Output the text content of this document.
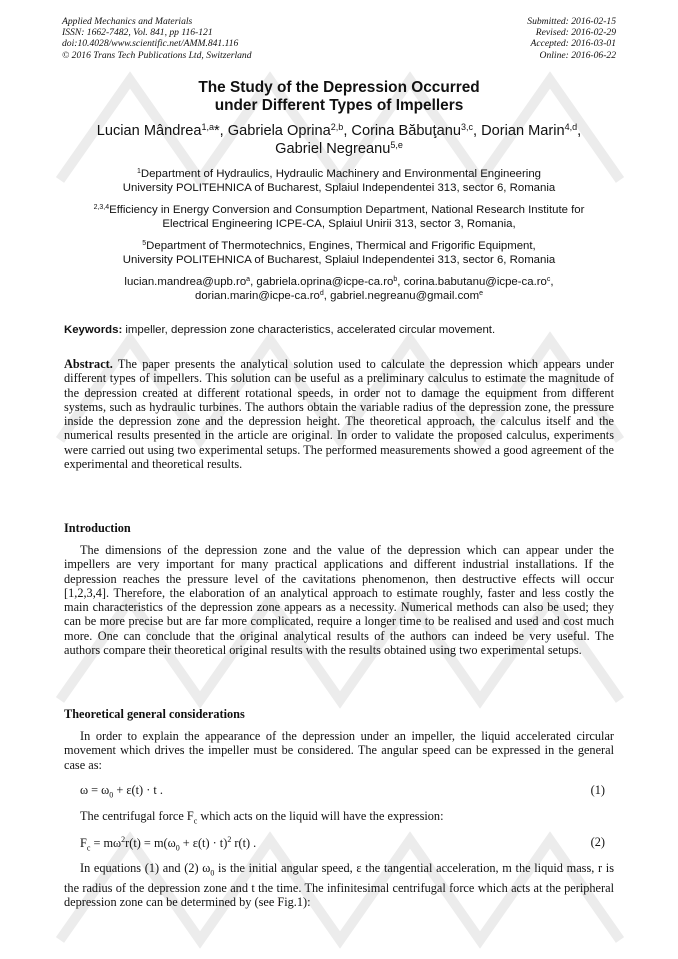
Applied Mechanics and Materials
ISSN: 1662-7482, Vol. 841, pp 116-121
doi:10.4028/www.scientific.net/AMM.841.116
© 2016 Trans Tech Publications Ltd, Switzerland
Submitted: 2016-02-15
Revised: 2016-02-29
Accepted: 2016-03-01
Online: 2016-06-22
The Study of the Depression Occurred
under Different Types of Impellers
Lucian Mândrea$^{1,a}$*, Gabriela Oprina$^{2,b}$, Corina Băbuţanu$^{3,c}$, Dorian Marin$^{4,d}$,
Gabriel Negreanu$^{5,e}$
$^1$Department of Hydraulics, Hydraulic Machinery and Environmental Engineering
University POLITEHNICA of Bucharest, Splaiul Independentei 313, sector 6, Romania
$^{2,3,4}$Efficiency in Energy Conversion and Consumption Department, National Research Institute for
Electrical Engineering ICPE-CA, Splaiul Unirii 313, sector 3, Romania,
$^5$Department of Thermotechnics, Engines, Thermical and Frigorific Equipment,
University POLITEHNICA of Bucharest, Splaiul Independentei 313, sector 6, Romania
$lucian.mandrea@upb.ro^a$, $gabriela.oprina@icpe-ca.ro^b$, $corina.babutanu@icpe-ca.ro^c$,
$dorian.marin@icpe-ca.ro^d$, gabriel.negreanu@gmail.com$^e$
Keywords: impeller, depression zone characteristics, accelerated circular movement.
Abstract. The paper presents the analytical solution used to calculate the depression which appears under different types of impellers. This solution can be useful as a preliminary calculus to estimate the magnitude of the depression created at different rotational speeds, in order not to damage the equipment from different systems, such as hydraulic turbines. The authors obtain the variable radius of the depression zone, the pressure inside the depression zone and the depression height. The theoretical approach, the calculus itself and the numerical results presented in the article are original. In order to validate the proposed calculus, experiments were carried out using two experimental setups. The performed measurements showed a good agreement of the experimental and theoretical results.
Introduction
The dimensions of the depression zone and the value of the depression which can appear under the impellers are very important for many practical applications and different industrial installations. If the depression reaches the pressure level of the cavitations phenomenon, then destructive effects will occur [1,2,3,4]. Therefore, the elaboration of an analytical approach to estimate roughly, faster and less costly the main characteristics of the depression zone appears as a necessity. Numerical methods can also be used; they can be more precise but are far more complicated, require a longer time to be realised and used and cost much more. One can conclude that the original analytical results of the authors can indeed be very useful. The authors compare their theoretical original results with the results obtained using two experimental setups.
Theoretical general considerations
In order to explain the appearance of the depression under an impeller, the liquid accelerated circular movement which drives the impeller must be considered. The angular speed can be expressed in the general case as:
$\omega = \omega_0 + \varepsilon(t) \cdot t$ .	(1)
The centrifugal force $F_c$ which acts on the liquid will have the expression:
$F_c = m\omega^2r(t) = m(\omega_0 + \varepsilon(t) \cdot t)^2$ r(t) .	(2)
In equations (1) and (2) $\omega_0$ is the initial angular speed, ε the tangential acceleration, m the liquid mass, r is the radius of the depression zone and t the time. The infinitesimal centrifugal force which acts at the peripheral depression zone can be determined by (see Fig.1):
